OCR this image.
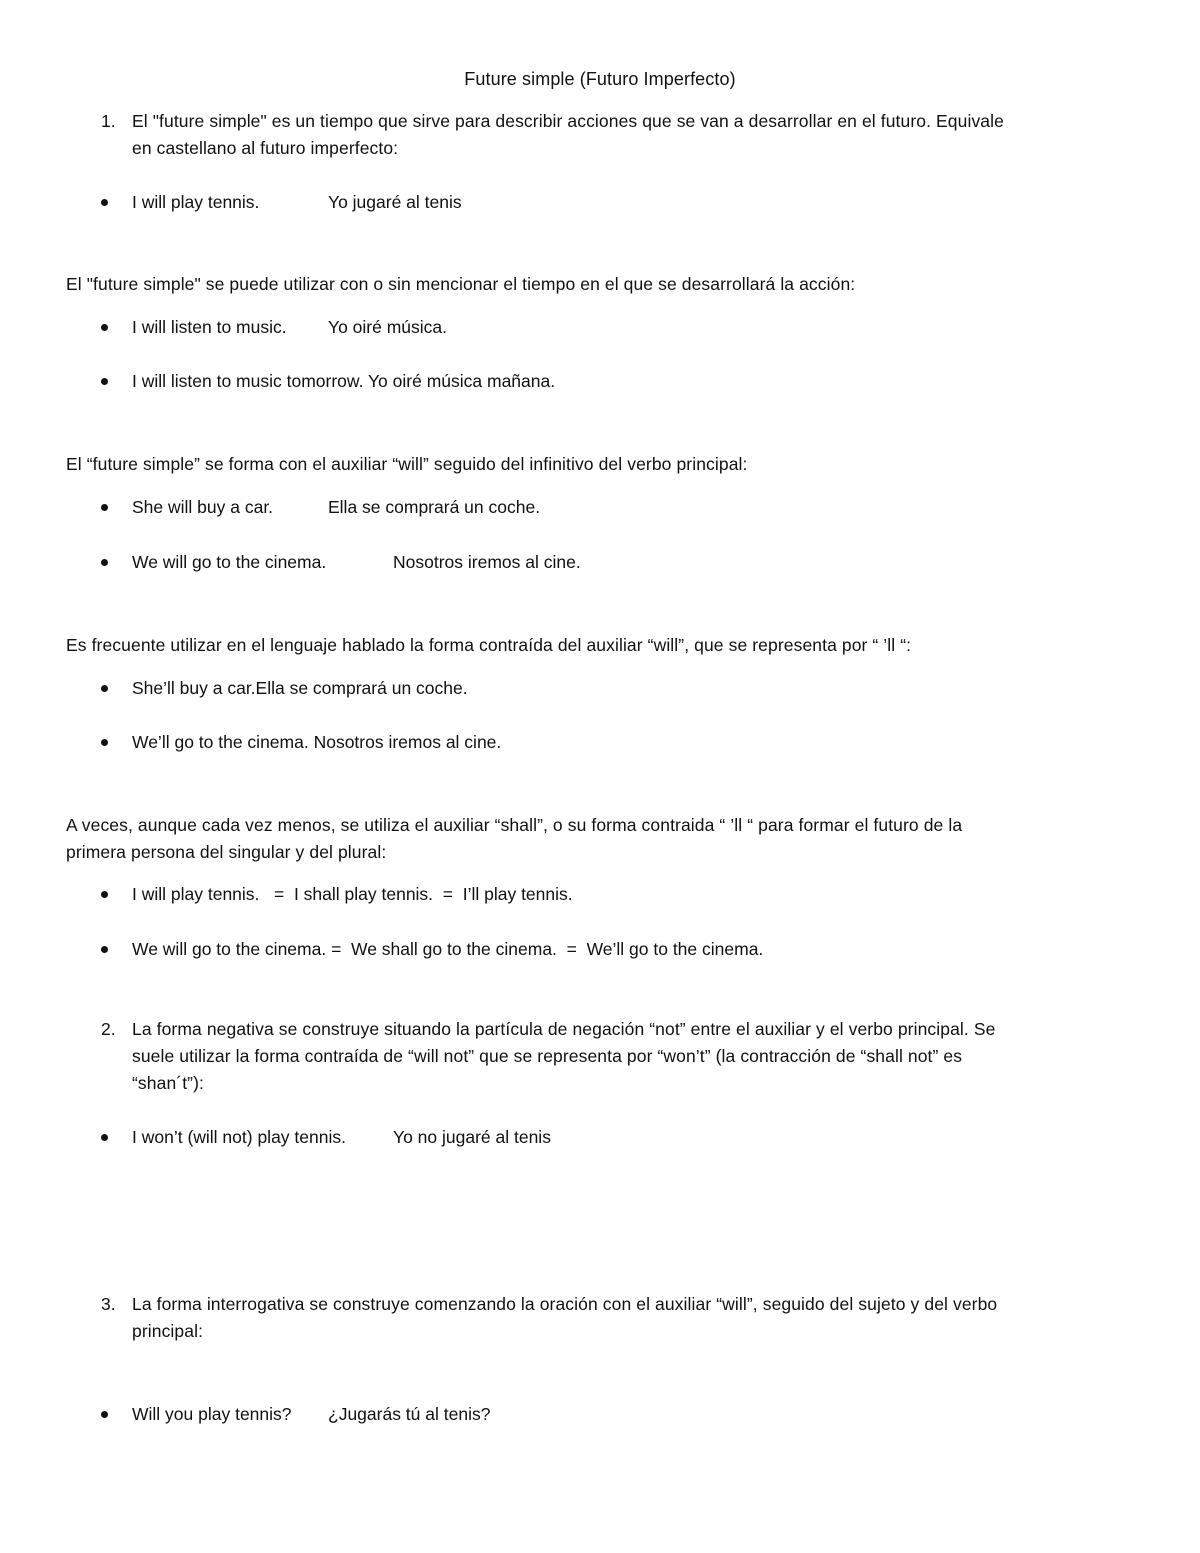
Future simple (Futuro Imperfecto)
1. El "future simple" es un tiempo que sirve para describir acciones que se van a desarrollar en el futuro. Equivale
en castellano al futuro imperfecto:
I will play tennis.	Yo jugaré al tenis
El "future simple" se puede utilizar con o sin mencionar el tiempo en el que se desarrollará la acción:
I will listen to music. Yo oiré música.
I will listen to music tomorrow. Yo oiré música mañana.
El “future simple” se forma con el auxiliar “will” seguido del infinitivo del verbo principal:
She will buy a car.	Ella se comprará un coche.
We will go to the cinema.	Nosotros iremos al cine.
Es frecuente utilizar en el lenguaje hablado la forma contraída del auxiliar “will”, que se representa por “ ’ll “:
She’ll buy a car.Ella se comprará un coche.
We’ll go to the cinema. Nosotros iremos al cine.
A veces, aunque cada vez menos, se utiliza el auxiliar “shall”, o su forma contraida “ ’ll “ para formar el futuro de la
primera persona del singular y del plural:
I will play tennis.   =  I shall play tennis.  =  I’ll play tennis.
We will go to the cinema. =  We shall go to the cinema.  =  We’ll go to the cinema.
2. La forma negativa se construye situando la partícula de negación “not” entre el auxiliar y el verbo principal. Se
suele utilizar la forma contraída de “will not” que se representa por “won’t” (la contracción de “shall not” es
“shan´t”):
I won’t (will not) play tennis.	Yo no jugaré al tenis
3. La forma interrogativa se construye comenzando la oración con el auxiliar “will”, seguido del sujeto y del verbo
principal:
Will you play tennis? ¿Jugarás tú al tenis?
